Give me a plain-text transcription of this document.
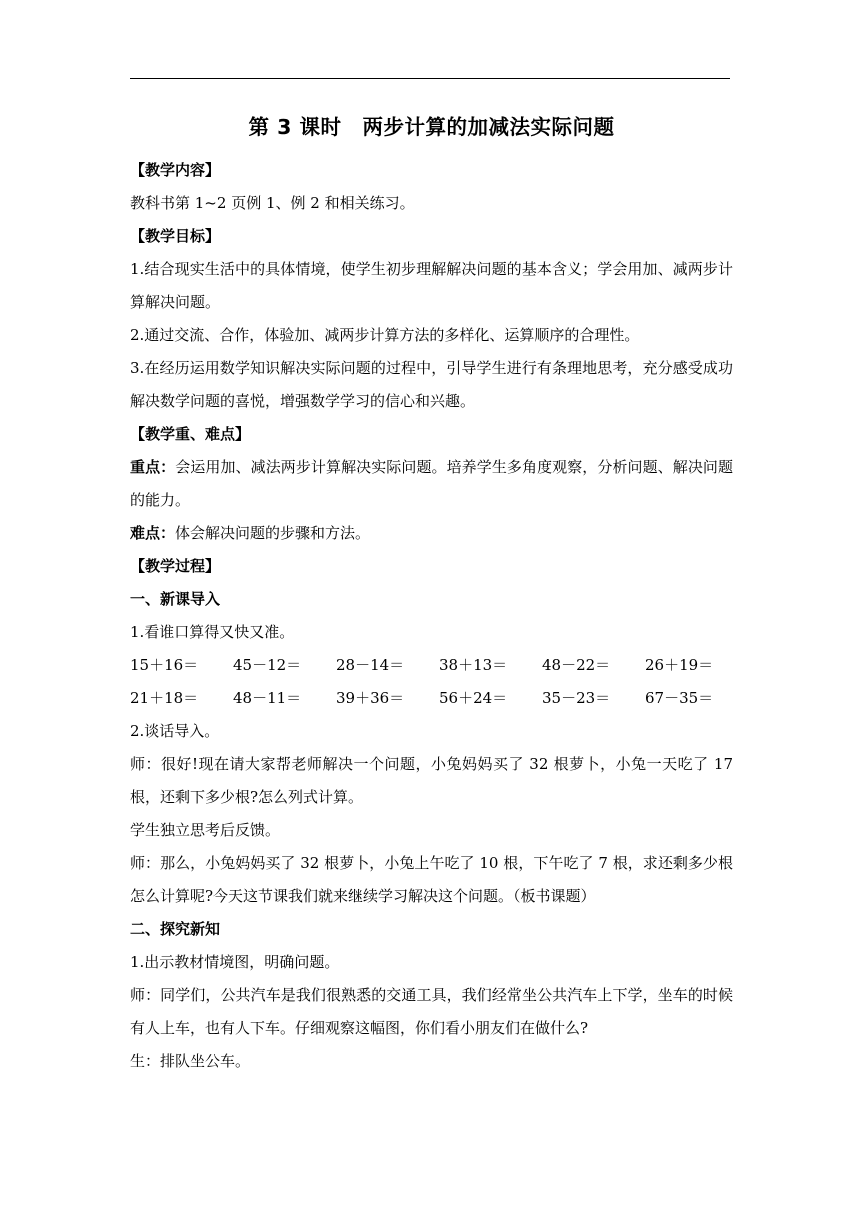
第 3 课时　两步计算的加减法实际问题
【教学内容】
教科书第 1~2 页例 1、例 2 和相关练习。
【教学目标】
1.结合现实生活中的具体情境，使学生初步理解解决问题的基本含义；学会用加、减两步计算解决问题。
2.通过交流、合作，体验加、减两步计算方法的多样化、运算顺序的合理性。
3.在经历运用数学知识解决实际问题的过程中，引导学生进行有条理地思考，充分感受成功解决数学问题的喜悦，增强数学学习的信心和兴趣。
【教学重、难点】
重点：会运用加、减法两步计算解决实际问题。培养学生多角度观察，分析问题、解决问题的能力。
难点：体会解决问题的步骤和方法。
【教学过程】
一、新课导入
1.看谁口算得又快又准。
15＋16＝	45－12＝	28－14＝	38＋13＝	48－22＝	26＋19＝
21＋18＝	48－11＝	39＋36＝	56＋24＝	35－23＝	67－35＝
2.谈话导入。
师：很好!现在请大家帮老师解决一个问题，小兔妈妈买了 32 根萝卜，小兔一天吃了 17 根，还剩下多少根?怎么列式计算。
学生独立思考后反馈。
师：那么，小兔妈妈买了 32 根萝卜，小兔上午吃了 10 根，下午吃了 7 根，求还剩多少根怎么计算呢?今天这节课我们就来继续学习解决这个问题。（板书课题）
二、探究新知
1.出示教材情境图，明确问题。
师：同学们，公共汽车是我们很熟悉的交通工具，我们经常坐公共汽车上下学，坐车的时候有人上车，也有人下车。仔细观察这幅图，你们看小朋友们在做什么?
生：排队坐公车。
